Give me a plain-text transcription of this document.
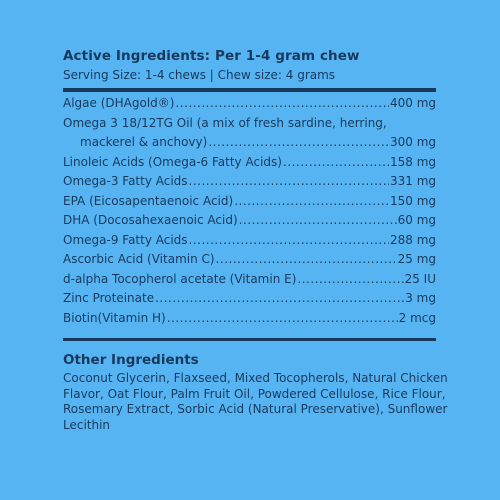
Active Ingredients: Per 1-4 gram chew
Serving Size: 1-4 chews | Chew size: 4 grams
Algae (DHAgold®) .....	400 mg
Omega 3 18/12TG Oil (a mix of fresh sardine, herring,
mackerel & anchovy) .....	300 mg
Linoleic Acids (Omega-6 Fatty Acids) .....	158 mg
Omega-3 Fatty Acids .....	331 mg
EPA (Eicosapentaenoic Acid) .....	150 mg
DHA (Docosahexaenoic Acid) .....	60 mg
Omega-9 Fatty Acids .....	288 mg
Ascorbic Acid (Vitamin C) .....	25 mg
d-alpha Tocopherol acetate (Vitamin E) .....	25 IU
Zinc Proteinate .....	3 mg
Biotin(Vitamin H) .....	2 mcg
Other Ingredients
Coconut Glycerin, Flaxseed, Mixed Tocopherols, Natural Chicken
Flavor, Oat Flour, Palm Fruit Oil, Powdered Cellulose, Rice Flour,
Rosemary Extract, Sorbic Acid (Natural Preservative), Sunflower
Lecithin
